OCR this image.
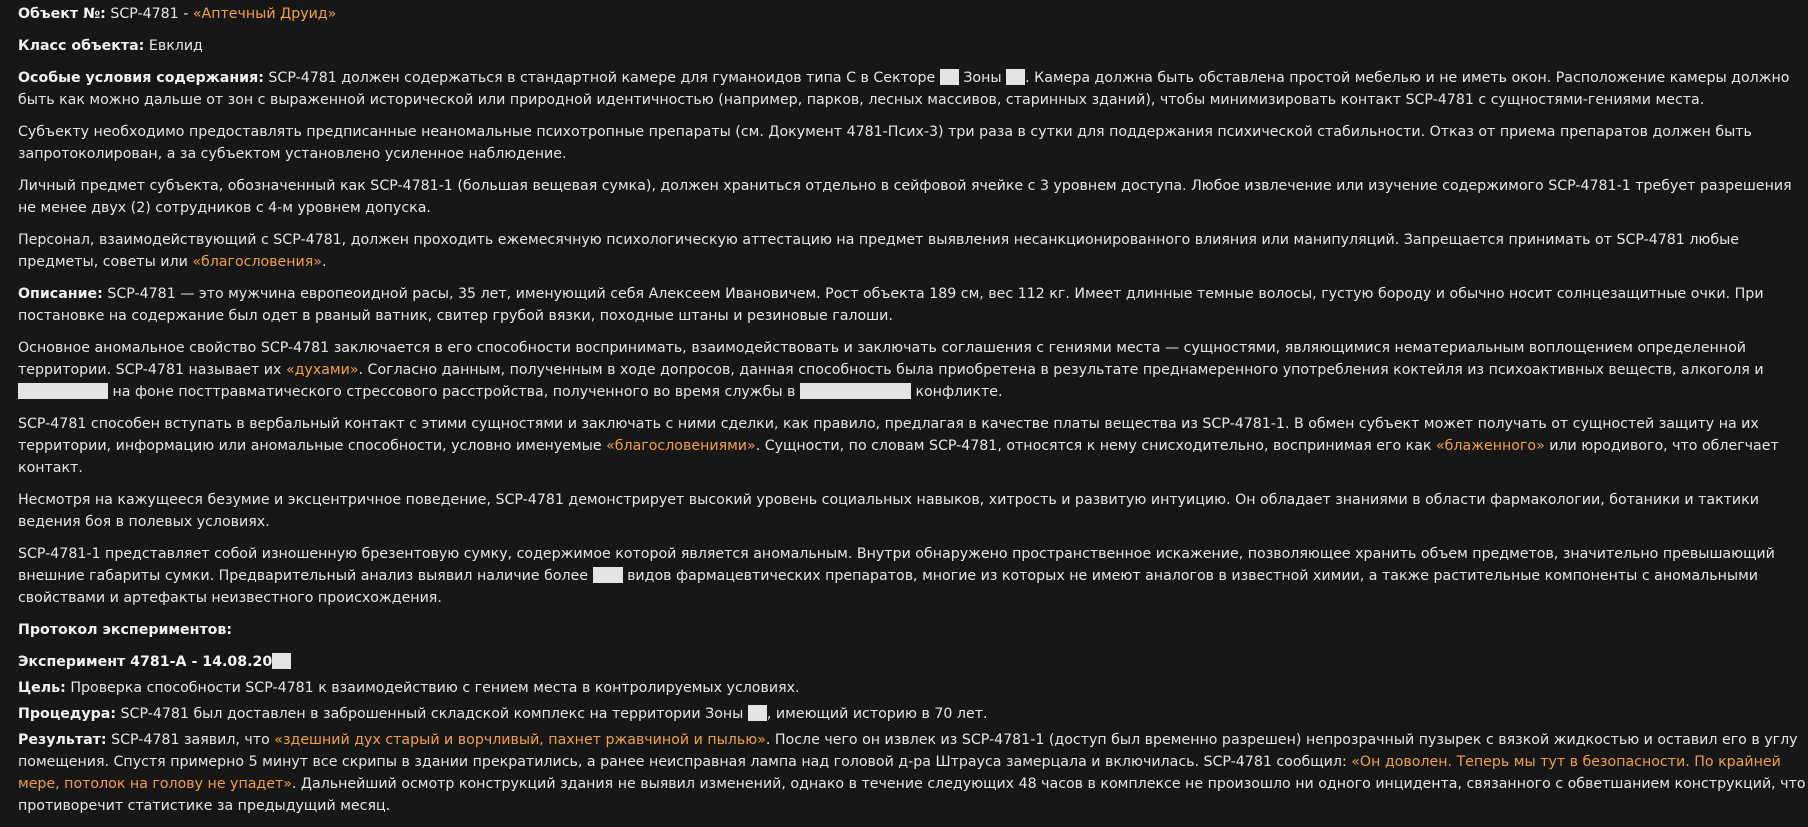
Объект №: SCP-4781 - «Аптечный Друид»

Класс объекта: Евклид

Особые условия содержания: SCP-4781 должен содержаться в стандартной камере для гуманоидов типа С в Секторе Зоны . Камера должна быть обставлена простой мебелью и не иметь окон. Расположение камеры должно быть как можно дальше от зон с выраженной исторической или природной идентичностью (например, парков, лесных массивов, старинных зданий), чтобы минимизировать контакт SCP-4781 с сущностями-гениями места.

Субъекту необходимо предоставлять предписанные неаномальные психотропные препараты (см. Документ 4781-Псих-3) три раза в сутки для поддержания психической стабильности. Отказ от приема препаратов должен быть запротоколирован, а за субъектом установлено усиленное наблюдение.

Личный предмет субъекта, обозначенный как SCP-4781-1 (большая вещевая сумка), должен храниться отдельно в сейфовой ячейке с 3 уровнем доступа. Любое извлечение или изучение содержимого SCP-4781-1 требует разрешения не менее двух (2) сотрудников с 4-м уровнем допуска.

Персонал, взаимодействующий с SCP-4781, должен проходить ежемесячную психологическую аттестацию на предмет выявления несанкционированного влияния или манипуляций. Запрещается принимать от SCP-4781 любые предметы, советы или «благословения».

Описание: SCP-4781 — это мужчина европеоидной расы, 35 лет, именующий себя Алексеем Ивановичем. Рост объекта 189 см, вес 112 кг. Имеет длинные темные волосы, густую бороду и обычно носит солнцезащитные очки. При постановке на содержание был одет в рваный ватник, свитер грубой вязки, походные штаны и резиновые галоши.

Основное аномальное свойство SCP-4781 заключается в его способности воспринимать, взаимодействовать и заключать соглашения с гениями места — сущностями, являющимися нематериальным воплощением определенной территории. SCP-4781 называет их «духами». Согласно данным, полученным в ходе допросов, данная способность была приобретена в результате преднамеренного употребления коктейля из психоактивных веществ, алкоголя и  на фоне посттравматического стрессового расстройства, полученного во время службы в	конфликте.

SCP-4781 способен вступать в вербальный контакт с этими сущностями и заключать с ними сделки, как правило, предлагая в качестве платы вещества из SCP-4781-1. В обмен субъект может получать от сущностей защиту на их территории, информацию или аномальные способности, условно именуемые «благословениями». Сущности, по словам SCP-4781, относятся к нему снисходительно, воспринимая его как «блаженного» или юродивого, что облегчает контакт.

Несмотря на кажущееся безумие и эксцентричное поведение, SCP-4781 демонстрирует высокий уровень социальных навыков, хитрость и развитую интуицию. Он обладает знаниями в области фармакологии, ботаники и тактики ведения боя в полевых условиях.

SCP-4781-1 представляет собой изношенную брезентовую сумку, содержимое которой является аномальным. Внутри обнаружено пространственное искажение, позволяющее хранить объем предметов, значительно превышающий внешние габариты сумки. Предварительный анализ выявил наличие более	видов фармацевтических препаратов, многие из которых не имеют аналогов в известной химии, а также растительные компоненты с аномальными свойствами и артефакты неизвестного происхождения.

Протокол экспериментов:

Эксперимент 4781-А - 14.08.20

Цель: Проверка способности SCP-4781 к взаимодействию с гением места в контролируемых условиях.

Процедура: SCP-4781 был доставлен в заброшенный складской комплекс на территории Зоны , имеющий историю в 70 лет.

Результат: SCP-4781 заявил, что «здешний дух старый и ворчливый, пахнет ржавчиной и пылью». После чего он извлек из SCP-4781-1 (доступ был временно разрешен) непрозрачный пузырек с вязкой жидкостью и оставил его в углу помещения. Спустя примерно 5 минут все скрипы в здании прекратились, а ранее неисправная лампа над головой д-ра Штрауса замерцала и включилась. SCP-4781 сообщил: «Он доволен. Теперь мы тут в безопасности. По крайней мере, потолок на голову не упадет». Дальнейший осмотр конструкций здания не выявил изменений, однако в течение следующих 48 часов в комплексе не произошло ни одного инцидента, связанного с обветшанием конструкций, что противоречит статистике за предыдущий месяц.
